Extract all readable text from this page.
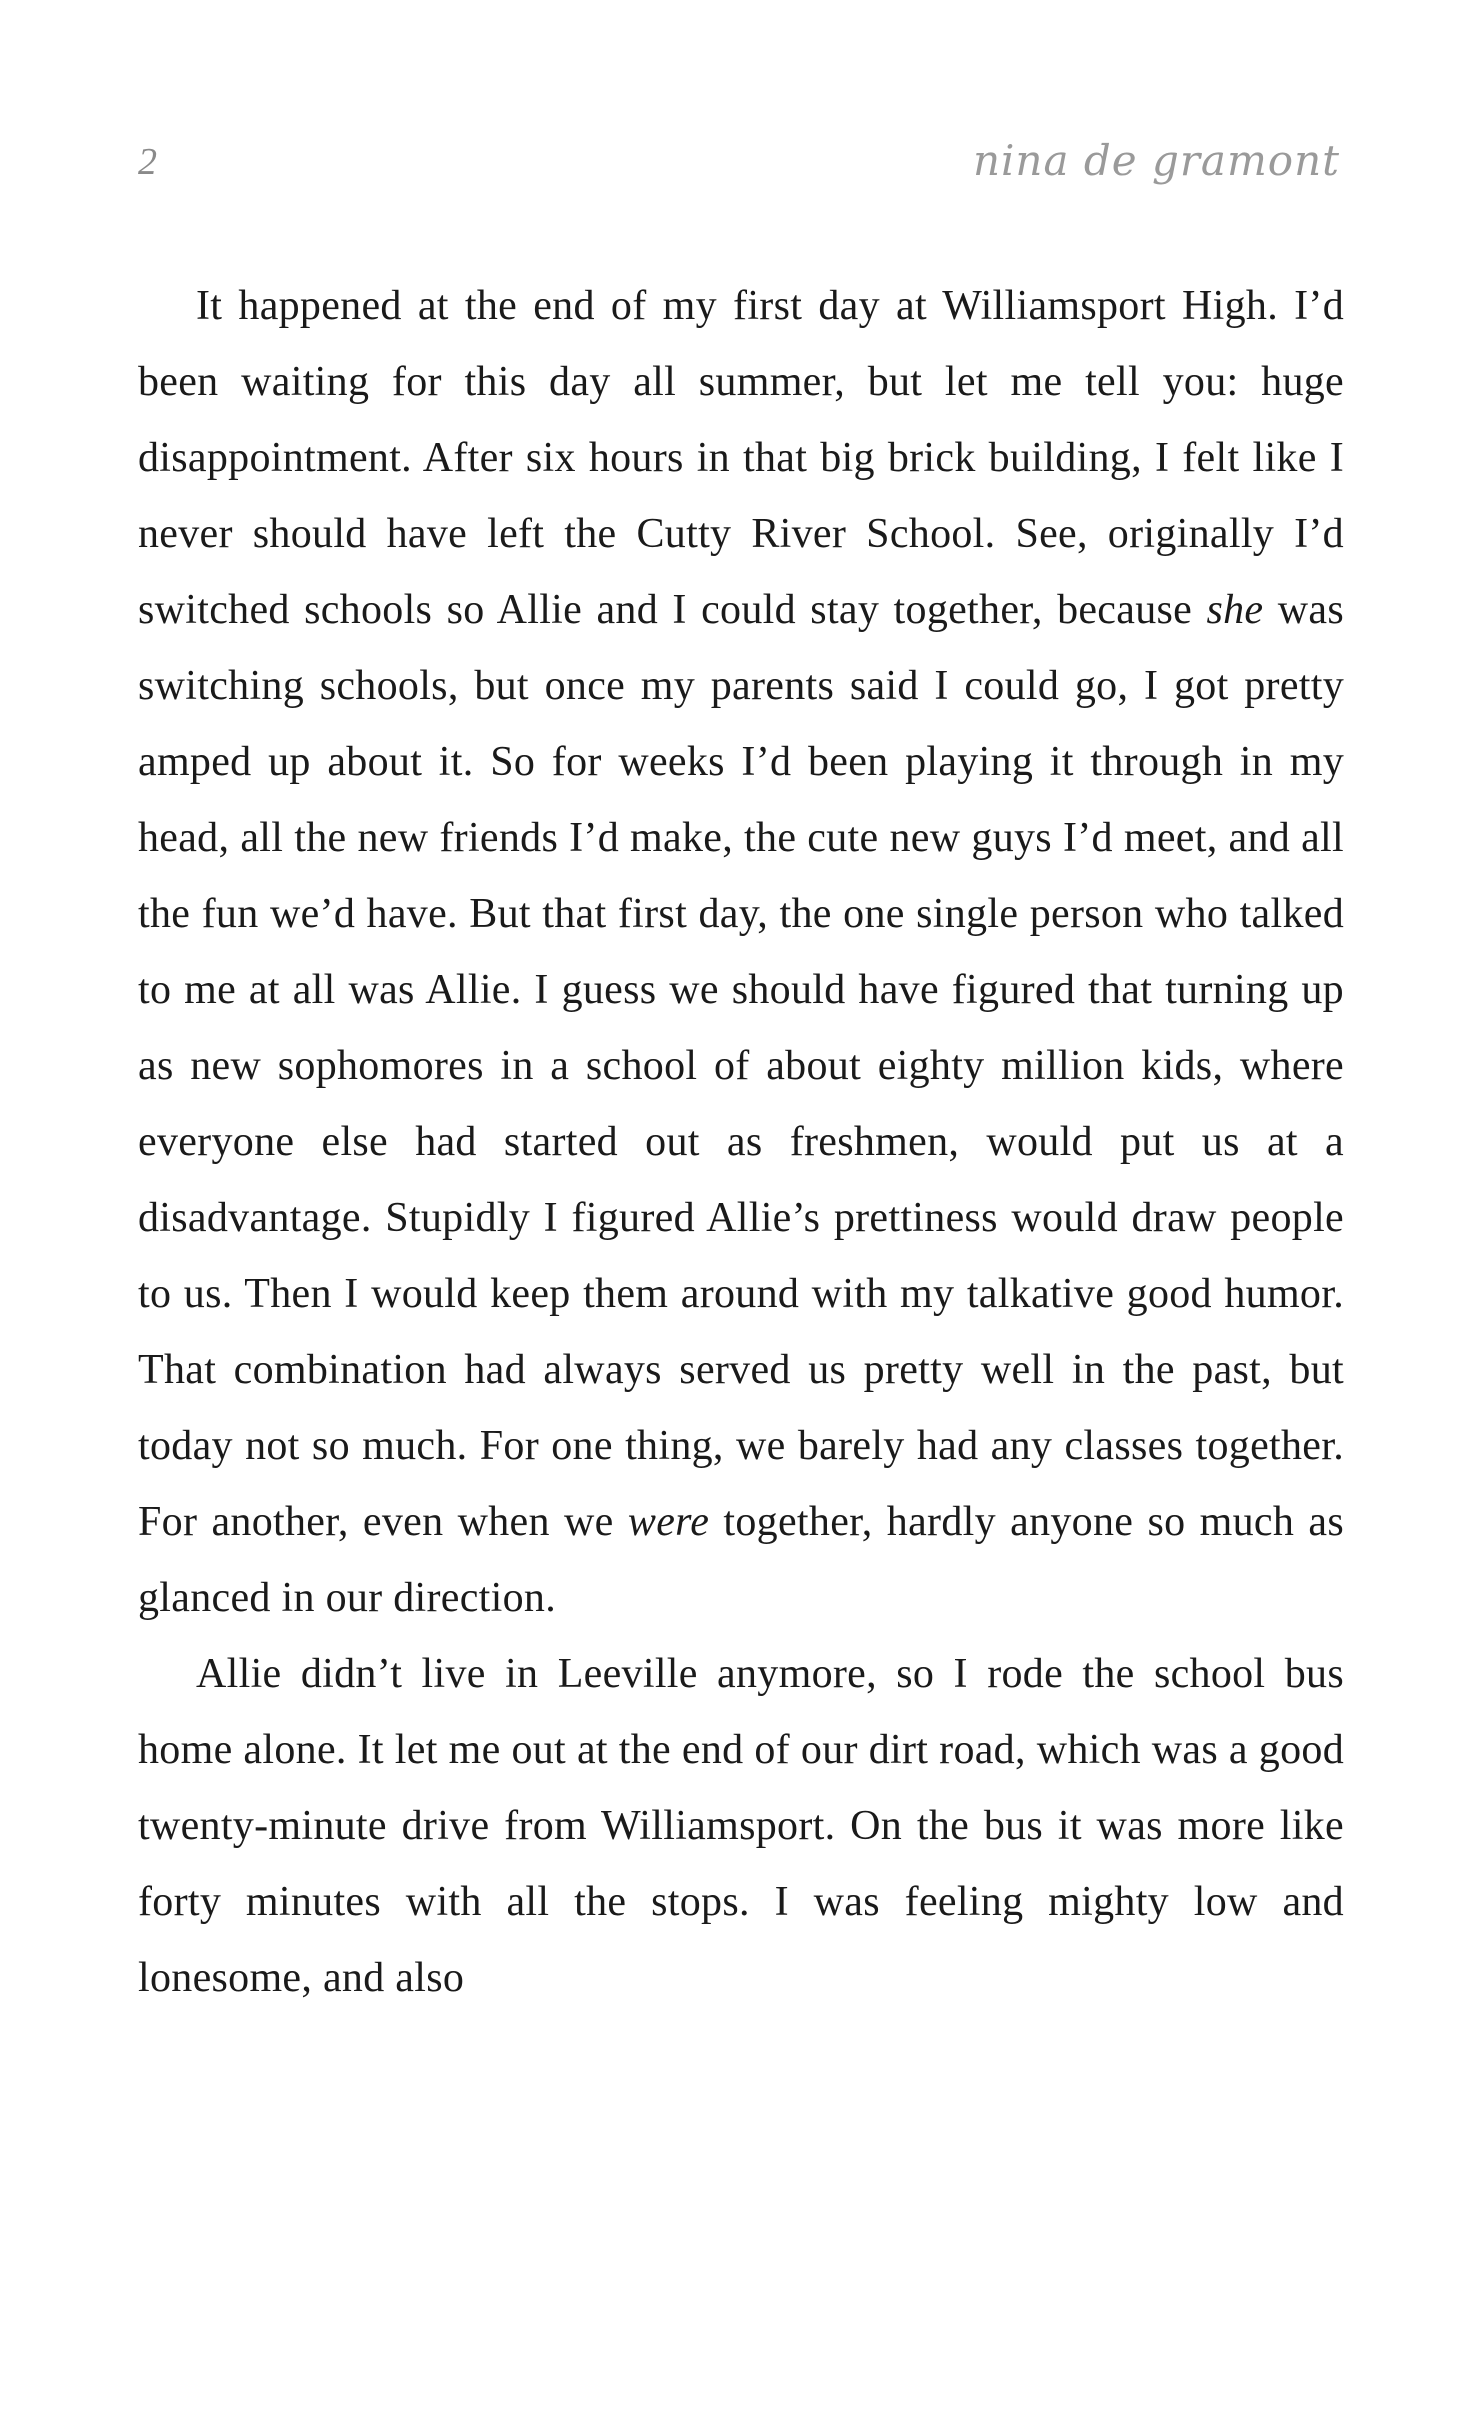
2	nina de gramont

It happened at the end of my first day at Williamsport High. I’d been waiting for this day all summer, but let me tell you: huge disappointment. After six hours in that big brick building, I felt like I never should have left the Cutty River School. See, originally I’d switched schools so Allie and I could stay together, because she was switching schools, but once my parents said I could go, I got pretty amped up about it. So for weeks I’d been playing it through in my head, all the new friends I’d make, the cute new guys I’d meet, and all the fun we’d have. But that first day, the one single person who talked to me at all was Allie. I guess we should have figured that turning up as new sophomores in a school of about eighty million kids, where everyone else had started out as freshmen, would put us at a disadvantage. Stupidly I figured Allie’s prettiness would draw people to us. Then I would keep them around with my talkative good humor. That combination had always served us pretty well in the past, but today not so much. For one thing, we barely had any classes together. For another, even when we were together, hardly anyone so much as glanced in our direction.

Allie didn’t live in Leeville anymore, so I rode the school bus home alone. It let me out at the end of our dirt road, which was a good twenty-minute drive from Williamsport. On the bus it was more like forty minutes with all the stops. I was feeling mighty low and lonesome, and also
